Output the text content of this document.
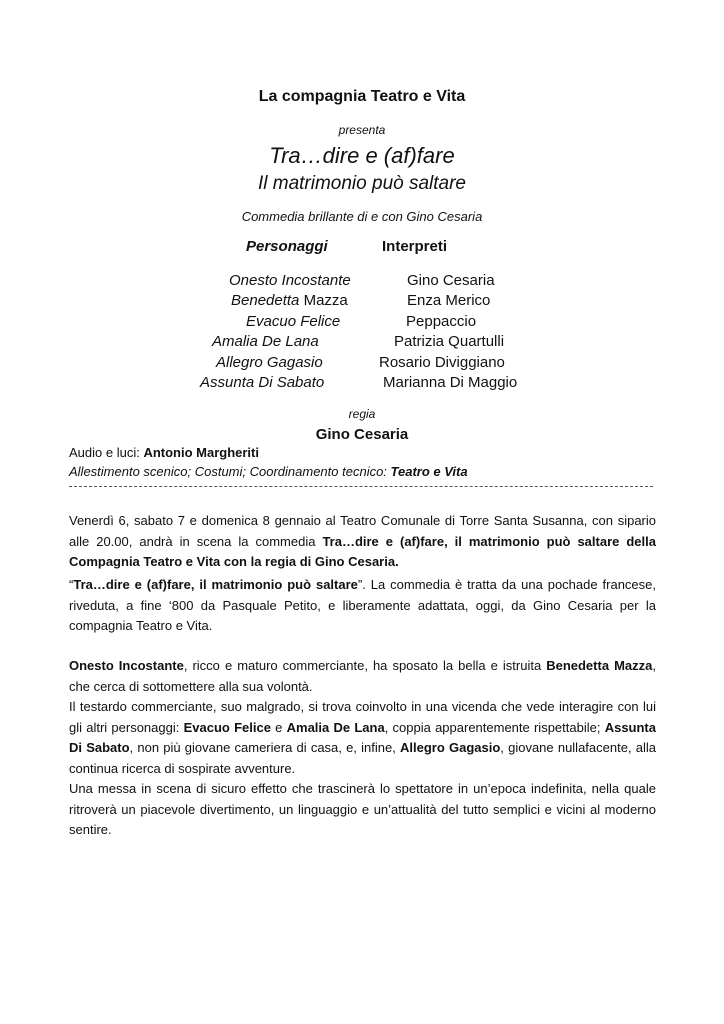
La compagnia Teatro e Vita
presenta
Tra…dire e (af)fare
Il matrimonio può saltare
Commedia brillante di e con Gino Cesaria
Personaggi	Interpreti
Onesto Incostante	Gino Cesaria
Benedetta Mazza	Enza Merico
Evacuo Felice	Peppaccio
Amalia De Lana	Patrizia Quartulli
Allegro Gagasio	Rosario Diviggiano
Assunta Di Sabato	Marianna Di Maggio
regia
Gino Cesaria
Audio e luci: Antonio Margheriti
Allestimento scenico; Costumi; Coordinamento tecnico: Teatro e Vita

Venerdì 6, sabato 7 e domenica 8 gennaio al Teatro Comunale di Torre Santa Susanna, con sipario alle 20.00, andrà in scena la commedia Tra…dire e (af)fare, il matrimonio può saltare della Compagnia Teatro e Vita con la regia di Gino Cesaria.

“Tra…dire e (af)fare, il matrimonio può saltare”. La commedia è tratta da una pochade francese, riveduta, a fine ‘800 da Pasquale Petito, e liberamente adattata, oggi, da Gino Cesaria per la compagnia Teatro e Vita.

Onesto Incostante, ricco e maturo commerciante, ha sposato la bella e istruita Benedetta Mazza, che cerca di sottomettere alla sua volontà.

Il testardo commerciante, suo malgrado, si trova coinvolto in una vicenda che vede interagire con lui gli altri personaggi: Evacuo Felice e Amalia De Lana, coppia apparentemente rispettabile; Assunta Di Sabato, non più giovane cameriera di casa, e, infine, Allegro Gagasio, giovane nullafacente, alla continua ricerca di sospirate avventure.

Una messa in scena di sicuro effetto che trascinerà lo spettatore in un’epoca indefinita, nella quale ritroverà un piacevole divertimento, un linguaggio e un’attualità del tutto semplici e vicini al moderno sentire.
